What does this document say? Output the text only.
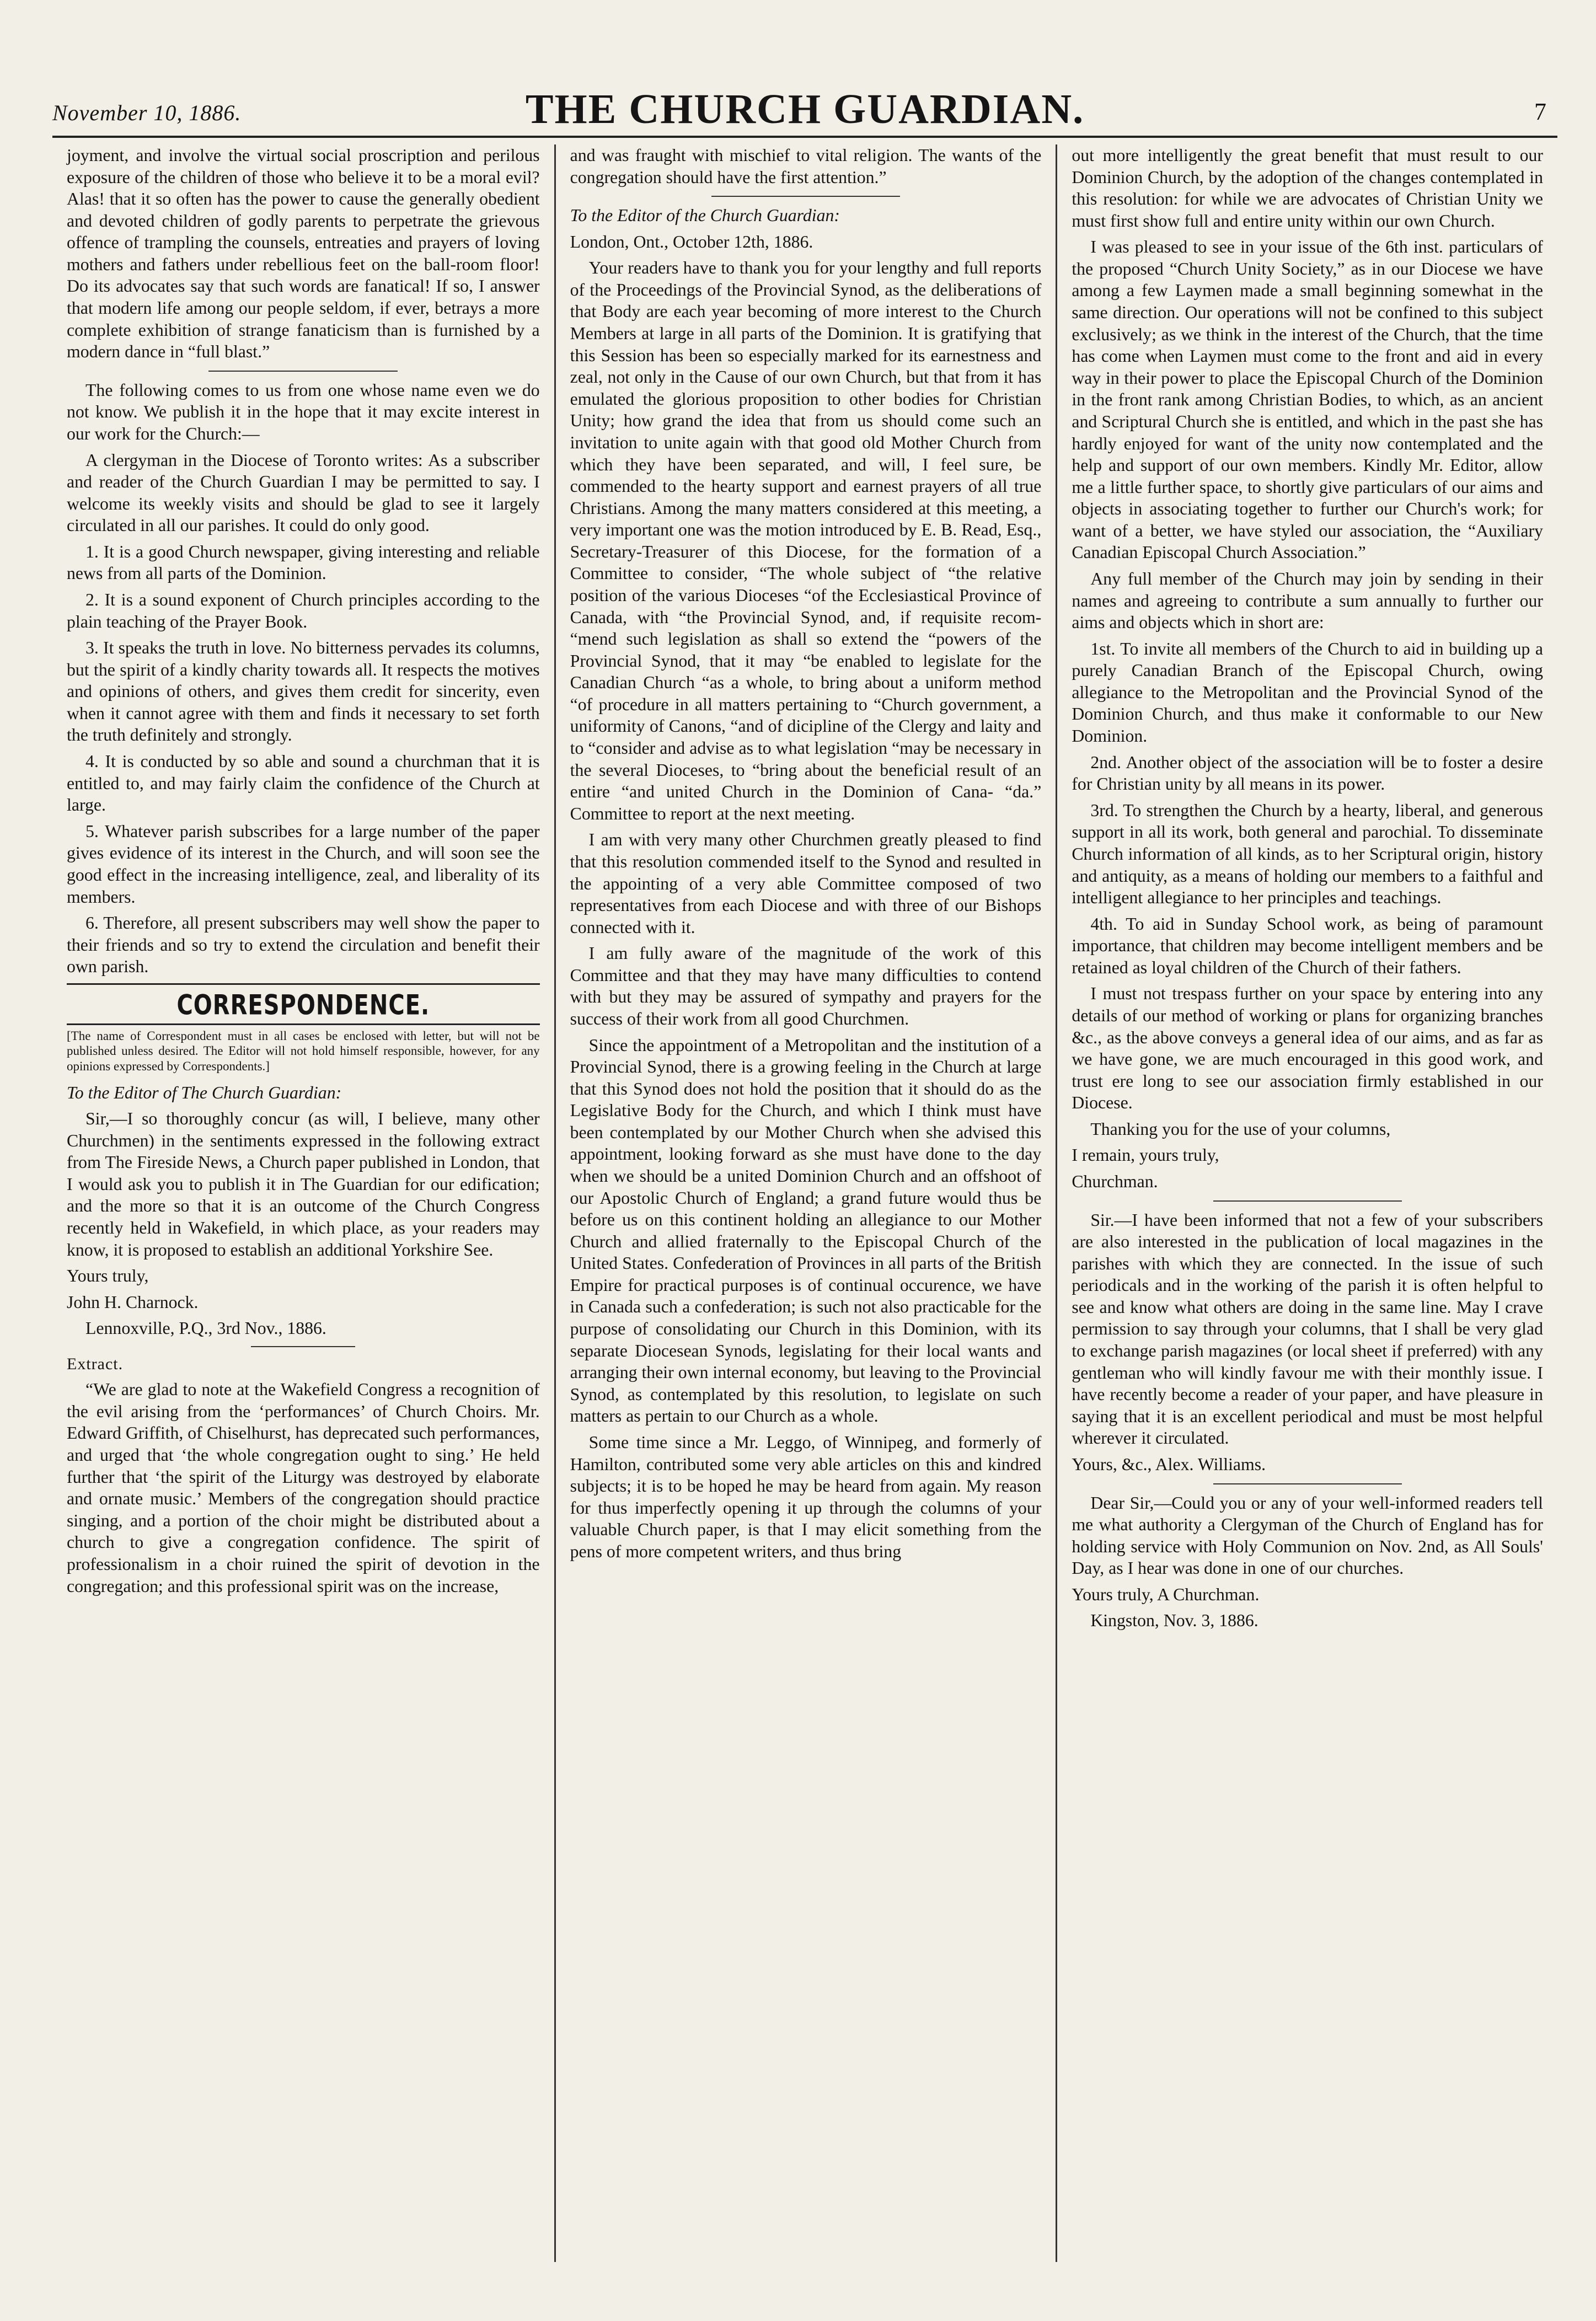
November 10, 1886.	THE CHURCH GUARDIAN.	7

joyment, and involve the virtual social proscription and perilous exposure of the children of those who believe it to be a moral evil? Alas! that it so often has the power to cause the generally obedient and devoted children of godly parents to perpetrate the grievous offence of trampling the counsels, entreaties and prayers of loving mothers and fathers under rebellious feet on the ball-room floor! Do its advocates say that such words are fanatical! If so, I answer that modern life among our people seldom, if ever, betrays a more complete exhibition of strange fanaticism than is furnished by a modern dance in “full blast.”

The following comes to us from one whose name even we do not know. We publish it in the hope that it may excite interest in our work for the Church:—

A clergyman in the Diocese of Toronto writes: As a subscriber and reader of the Church Guardian I may be permitted to say. I welcome its weekly visits and should be glad to see it largely circulated in all our parishes. It could do only good.

1. It is a good Church newspaper, giving interesting and reliable news from all parts of the Dominion.

2. It is a sound exponent of Church principles according to the plain teaching of the Prayer Book.

3. It speaks the truth in love. No bitterness pervades its columns, but the spirit of a kindly charity towards all. It respects the motives and opinions of others, and gives them credit for sincerity, even when it cannot agree with them and finds it necessary to set forth the truth definitely and strongly.

4. It is conducted by so able and sound a churchman that it is entitled to, and may fairly claim the confidence of the Church at large.

5. Whatever parish subscribes for a large number of the paper gives evidence of its interest in the Church, and will soon see the good effect in the increasing intelligence, zeal, and liberality of its members.

6. Therefore, all present subscribers may well show the paper to their friends and so try to extend the circulation and benefit their own parish.

CORRESPONDENCE.

[The name of Correspondent must in all cases be enclosed with letter, but will not be published unless desired. The Editor will not hold himself responsible, however, for any opinions expressed by Correspondents.]

To the Editor of The Church Guardian:

Sir,—I so thoroughly concur (as will, I believe, many other Churchmen) in the sentiments expressed in the following extract from The Fireside News, a Church paper published in London, that I would ask you to publish it in The Guardian for our edification; and the more so that it is an outcome of the Church Congress recently held in Wakefield, in which place, as your readers may know, it is proposed to establish an additional Yorkshire See.

Yours truly,

John H. Charnock.

Lennoxville, P.Q., 3rd Nov., 1886.

Extract.

“We are glad to note at the Wakefield Congress a recognition of the evil arising from the ‘performances’ of Church Choirs. Mr. Edward Griffith, of Chiselhurst, has deprecated such performances, and urged that ‘the whole congregation ought to sing.’ He held further that ‘the spirit of the Liturgy was destroyed by elaborate and ornate music.’ Members of the congregation should practice singing, and a portion of the choir might be distributed about a church to give a congregation confidence. The spirit of professionalism in a choir ruined the spirit of devotion in the congregation; and this professional spirit was on the increase,

and was fraught with mischief to vital religion. The wants of the congregation should have the first attention.”

To the Editor of the Church Guardian:

London, Ont., October 12th, 1886.

Your readers have to thank you for your lengthy and full reports of the Proceedings of the Provincial Synod, as the deliberations of that Body are each year becoming of more interest to the Church Members at large in all parts of the Dominion. It is gratifying that this Session has been so especially marked for its earnestness and zeal, not only in the Cause of our own Church, but that from it has emulated the glorious proposition to other bodies for Christian Unity; how grand the idea that from us should come such an invitation to unite again with that good old Mother Church from which they have been separated, and will, I feel sure, be commended to the hearty support and earnest prayers of all true Christians. Among the many matters considered at this meeting, a very important one was the motion introduced by E. B. Read, Esq., Secretary-Treasurer of this Diocese, for the formation of a Committee to consider, “The whole subject of “the relative position of the various Dioceses “of the Ecclesiastical Province of Canada, with “the Provincial Synod, and, if requisite recom- “mend such legislation as shall so extend the “powers of the Provincial Synod, that it may “be enabled to legislate for the Canadian Church “as a whole, to bring about a uniform method “of procedure in all matters pertaining to “Church government, a uniformity of Canons, “and of dicipline of the Clergy and laity and to “consider and advise as to what legislation “may be necessary in the several Dioceses, to “bring about the beneficial result of an entire “and united Church in the Dominion of Cana- “da.” Committee to report at the next meeting.

I am with very many other Churchmen greatly pleased to find that this resolution commended itself to the Synod and resulted in the appointing of a very able Committee composed of two representatives from each Diocese and with three of our Bishops connected with it.

I am fully aware of the magnitude of the work of this Committee and that they may have many difficulties to contend with but they may be assured of sympathy and prayers for the success of their work from all good Churchmen.

Since the appointment of a Metropolitan and the institution of a Provincial Synod, there is a growing feeling in the Church at large that this Synod does not hold the position that it should do as the Legislative Body for the Church, and which I think must have been contemplated by our Mother Church when she advised this appointment, looking forward as she must have done to the day when we should be a united Dominion Church and an offshoot of our Apostolic Church of England; a grand future would thus be before us on this continent holding an allegiance to our Mother Church and allied fraternally to the Episcopal Church of the United States. Confederation of Provinces in all parts of the British Empire for practical purposes is of continual occurence, we have in Canada such a confederation; is such not also practicable for the purpose of consolidating our Church in this Dominion, with its separate Diocesean Synods, legislating for their local wants and arranging their own internal economy, but leaving to the Provincial Synod, as contemplated by this resolution, to legislate on such matters as pertain to our Church as a whole.

Some time since a Mr. Leggo, of Winnipeg, and formerly of Hamilton, contributed some very able articles on this and kindred subjects; it is to be hoped he may be heard from again. My reason for thus imperfectly opening it up through the columns of your valuable Church paper, is that I may elicit something from the pens of more competent writers, and thus bring

out more intelligently the great benefit that must result to our Dominion Church, by the adoption of the changes contemplated in this resolution: for while we are advocates of Christian Unity we must first show full and entire unity within our own Church.

I was pleased to see in your issue of the 6th inst. particulars of the proposed “Church Unity Society,” as in our Diocese we have among a few Laymen made a small beginning somewhat in the same direction. Our operations will not be confined to this subject exclusively; as we think in the interest of the Church, that the time has come when Laymen must come to the front and aid in every way in their power to place the Episcopal Church of the Dominion in the front rank among Christian Bodies, to which, as an ancient and Scriptural Church she is entitled, and which in the past she has hardly enjoyed for want of the unity now contemplated and the help and support of our own members. Kindly Mr. Editor, allow me a little further space, to shortly give particulars of our aims and objects in associating together to further our Church's work; for want of a better, we have styled our association, the “Auxiliary Canadian Episcopal Church Association.”

Any full member of the Church may join by sending in their names and agreeing to contribute a sum annually to further our aims and objects which in short are:

1st. To invite all members of the Church to aid in building up a purely Canadian Branch of the Episcopal Church, owing allegiance to the Metropolitan and the Provincial Synod of the Dominion Church, and thus make it conformable to our New Dominion.

2nd. Another object of the association will be to foster a desire for Christian unity by all means in its power.

3rd. To strengthen the Church by a hearty, liberal, and generous support in all its work, both general and parochial. To disseminate Church information of all kinds, as to her Scriptural origin, history and antiquity, as a means of holding our members to a faithful and intelligent allegiance to her principles and teachings.

4th. To aid in Sunday School work, as being of paramount importance, that children may become intelligent members and be retained as loyal children of the Church of their fathers.

I must not trespass further on your space by entering into any details of our method of working or plans for organizing branches &c., as the above conveys a general idea of our aims, and as far as we have gone, we are much encouraged in this good work, and trust ere long to see our association firmly established in our Diocese.

Thanking you for the use of your columns,

I remain, yours truly,

Churchman.

Sir.—I have been informed that not a few of your subscribers are also interested in the publication of local magazines in the parishes with which they are connected. In the issue of such periodicals and in the working of the parish it is often helpful to see and know what others are doing in the same line. May I crave permission to say through your columns, that I shall be very glad to exchange parish magazines (or local sheet if preferred) with any gentleman who will kindly favour me with their monthly issue. I have recently become a reader of your paper, and have pleasure in saying that it is an excellent periodical and must be most helpful wherever it circulated.

Yours, &c., Alex. Williams.

Dear Sir,—Could you or any of your well-informed readers tell me what authority a Clergyman of the Church of England has for holding service with Holy Communion on Nov. 2nd, as All Souls' Day, as I hear was done in one of our churches.

Yours truly, A Churchman.

Kingston, Nov. 3, 1886.
